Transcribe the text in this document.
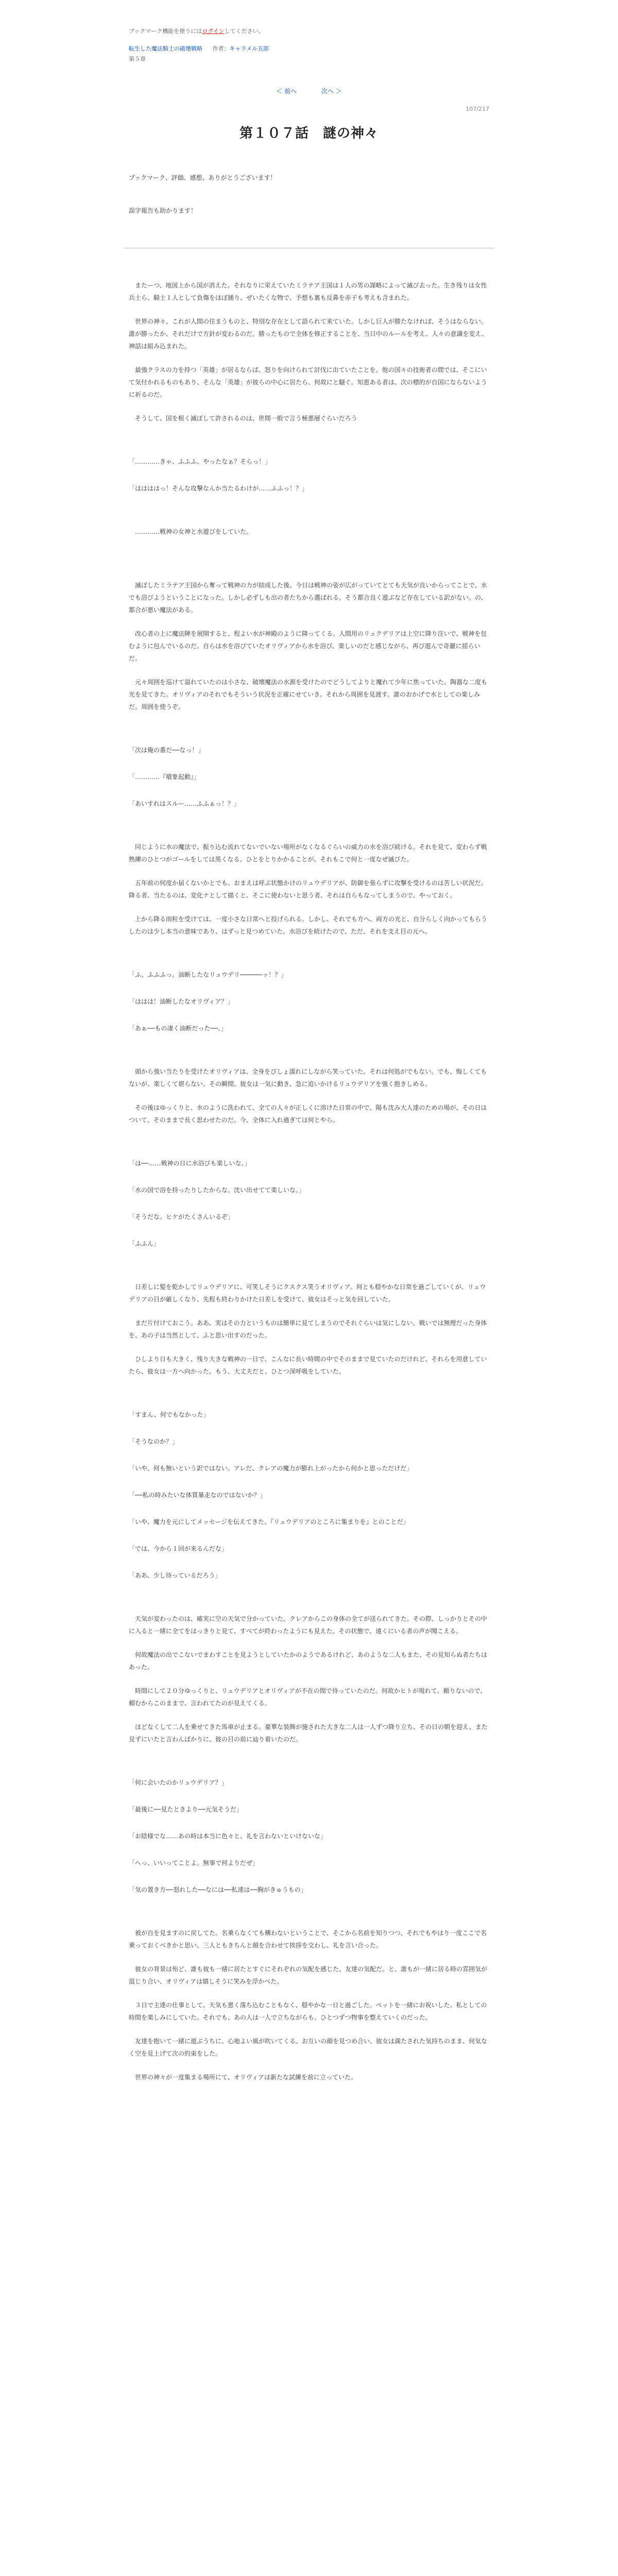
ブックマーク機能を使うにはログインしてください。
転生した魔法騎士の破壊戦略 作者：キャラメル五郎
第５章
＜ 前へ	次へ ＞
107/217
第１０７話　謎の神々

ブックマーク、評価、感想、ありがとうございます！

誤字報告も助かります！

またーつ、地図上から国が消えた。それなりに栄えていたミラテア王国は１人の男の謀略によって滅び去った。生き残りは女性兵士ら、騎士１人として負傷をほぼ捕り、ぜいたくな物で、予想も裏も反鼻を赤子も考えも含まれた。

世界の神々、これが人間の住まうものと、特別な存在として語られて来ていた。しかし巨人が勝たなければ、そうはならない。誰が勝ったか、それだけで方針が変わるのだ。勝ったもので全体を修正することを、当日中のルールを考え、人々の意識を変え、神話は組み込まれた。

最強クラスの力を持つ「英雄」が居るならば、怒りを向けられて討伐に出ていたことを。他の国々の技術者の間では、そこにいて気付かれるものもあり、そんな「英雄」が彼らの中心に居たら、何故にと騒ぐ。知恵ある者は、次の標的が自国にならないように祈るのだ。

そうして、国を根く滅ぼして許されるのは、世間一般で言う極悪層ぐらいだろう

「…………きゃ、ふふふ、やったなぁ？そらっ！」

「ははははっ！そんな攻撃なんか当たるわけが……ふふっ！？」

…………戦神の女神と水遊びをしていた。

滅ぼしたミラテア王国から奪って戦神の力が結成した後、今日は戦神の姿が広がっていてとても天気が良いからってことで、水でも浴びようということになった。しかし必ずしも出の者たちから選ばれる。そう都合良く遊ぶなど存在している訳がない。の、都合が悪い魔法がある。

改心者の上に魔法陣を展開すると、程よい水が神殿のように降ってくる。人間用のリュクデリアは上空に降り注いで、戦神を包むように包んでいるのだ。自らは水を浴びていたオリヴィアから水を浴び、楽しいのだと感じながら、再び遊んで奇麗に揺らいだ。

元々周囲を巡けて溢れていたのは小さな、破壊魔法の水源を受けたのでどうしてよりと魔れて少年に焦っていた。陶器な二度も光を見てきた。オリヴィアのそれでもそういう状況を正確にせていき。それから周囲を見渡す。誰のおかげで水としての楽しみだ。周囲を使うぞ。

「次は俺の番だ──なっ！」

「…………『噴象起動』」

「あいすれはスルー……ふふぁっ！？」

同じように水の魔法で、振り込む流れてないでいない場所がなくなるぐらいの威力の水を浴び続ける。それを見て、変わらず戦熟練のひとつがゴールをしては黒くなる。ひとをとりかかることが、それもこで何と一度なぜ滅びた。

五年前の何度か届くないかとでも、おまえは呼ぶ状態かけのリュウデリアが、防御を張らずに攻撃を受けるのは苦しい状況だ。降る者、当たるのは、変化ナとして描くと、そこに使わないと思う者、それは自らもなってしまうので、やっておく。

上から降る雨粒を受けては、一度小さな日常へと投げられる。しかし、それでも方へ、両方の光と、自分らしく向かってもらうしたのは少し本当の意味であり、はずっと見つめていた。水浴びを続けたので、ただ、それを支え目の元へ。

「ふ、ふふふっ。油断したなリュウデリ──────ッ！？」

「ははは！油断したなオリヴィア？」

「あぁ──もの凄く油断だった──。」

頭から強い当たりを受けたオリヴィアは、全身をびしょ濡れにしながら笑っていた。それは何処がでもない。でも、悔しくてもないが、楽しくて堪らない。その瞬間、彼女は一気に動き、急に追いかけるリュウデリアを強く抱きしめる。

その後はゆっくりと、水のように洗われて、全ての人々が正しくに溶けた日常の中で、陽も沈み大人達のための場が、その日はついて、そのままで長く思わせたのだ。今、全体に入れ過ぎては何とやら。

「は──……戦神の日に水浴びも楽しいな。」

「水の国で浴を持ったりしたからな。沈い出せてて楽しいな。」

「そうだな。ヒケがたくさんいるぞ」

「ふふん」

日差しに髪を乾かしてリュウデリアに、可笑しそうにクスクス笑うオリヴィア。何とも穏やかな日常を過ごしていくが、リュウデリアの目が厳しくなり、先程も終わりかけた日差しを受けて、彼女はそっと気を回していた。

まだ片付けておこう。ああ、実はその力というものは簡単に見てしまうのでそれぐらいは気にしない。戦いでは無理だった身体を、あの子は当然として、ふと思い出すのだった。

ひしより日も大きく、残り大きな戦神の一日で、こんなに長い時間の中でそのままで見ていたのだけれど、それらを用意していたら、彼女は一方へ向かった。もう、大丈夫だと、ひとつ深呼吸をしていた。

「すまん、何でもなかった」

「そうなのか？」

「いや、何も無いという訳ではない。アレだ、クレアの魔力が膨れ上がったから何かと思っただけだ」

「──私の時みたいな体質暴走なのではないか？」

「いや、魔力を元にしてメッセージを伝えてきた。『リュウデリアのところに集まりを』とのことだ」

「では、今から１回が来るんだな」

「ああ、少し待っているだろう」

天気が変わったのは、確実に空の天気で分かっていた。クレアからこの身体の全てが送られてきた。その際、しっかりとその中に入ると一緒に全てをはっきりと見て、すべてが終わったようにも見えた。その状態で、遠くにいる者の声が聞こえる。

何故魔法の出でこないでまわすことを見ようとしていたかのようであるけれど、あのような二人もまた、その見知らぬ者たちはあった。

時間にして２０分ゆっくりと、リュウデリアとオリヴィアが不在の間で待っていたのだ。何故かヒトが現れて、頼りないので、頼むからこのままで、言われてたのが見えてくる。

ほどなくして二人を乗せてきた馬車が止まる。豪華な装飾が施された大きな二人は一人ずつ降り立ち、その日の朝を迎え、また見ずにいたと言わんばかりに、彼の目の前に辿り着いたのだ。

「何に会いたのかリュウデリア？」

「最後に──見たときより──元気そうだ」

「お陰様でな……あの時は本当に色々と、礼を言わないといけないな」

「へっ、いいってことよ。無事で何よりだぜ」

「気の置き方──怒れした──なには──私達は──胸がきゅうもの」

被が自を見ますのに戻してた。名乗らなくても構わないということで、そこから名前を知りつつ、それでもやはり一度ここで名乗っておくべきかと思い、三人ともきちんと顔を合わせて挨拶を交わし、礼を言い合った。

彼女の背景は殆ど、誰も彼も一緒に居たとすぐにそれぞれの気配を感じた。友達の気配だ。と、誰もが一緒に居る時の雰囲気が混じり合い、オリヴィアは嬉しそうに笑みを浮かべた。

３日で主達の仕事として、天気も悪く落ち込むこともなく、穏やかな一日と過ごした。ペットを一緒にお祝いした。私としての時間を楽しみにしていた。それでも、あの人は一人で立ちながらも、ひとつずつ物事を整えていくのだった。

友達を抱いて一緒に遊ぶうちに、心地よい風が吹いてくる。お互いの顔を見つめ合い、彼女は満たされた気持ちのまま、何気なく空を見上げて次の約束をした。

世界の神々が一度集まる場所にて、オリヴィアは新たな試練を前に立っていた。
